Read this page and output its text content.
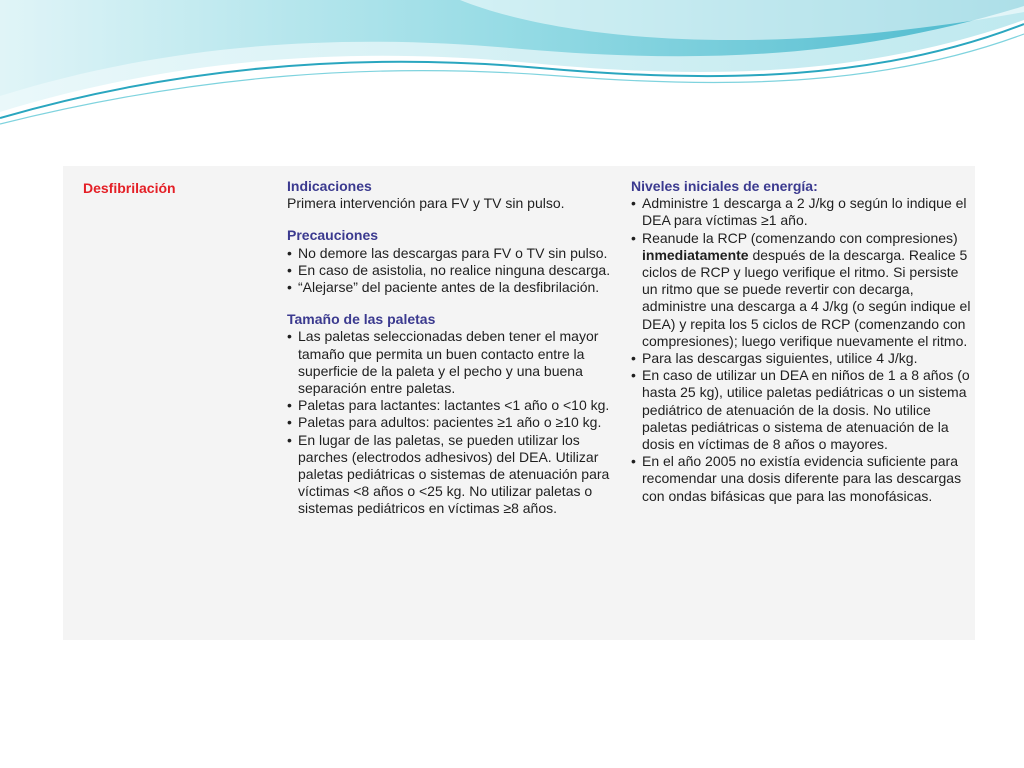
Desfibrilación	Indicaciones

Primera intervención para FV y TV sin pulso.

Precauciones

• No demore las descargas para FV o TV sin pulso.
• En caso de asistolia, no realice ninguna descarga.
• “Alejarse” del paciente antes de la desfibrilación.

Tamaño de las paletas

• Las paletas seleccionadas deben tener el mayor tamaño que permita un buen contacto entre la superficie de la paleta y el pecho y una buena separación entre paletas.
• Paletas para lactantes: lactantes <1 año o <10 kg.
• Paletas para adultos: pacientes ≥1 año o ≥10 kg.
• En lugar de las paletas, se pueden utilizar los parches (electrodos adhesivos) del DEA. Utilizar paletas pediátricas o sistemas de atenuación para víctimas <8 años o <25 kg. No utilizar paletas o sistemas pediátricos en víctimas ≥8 años.

Niveles iniciales de energía:

• Administre 1 descarga a 2 J/kg o según lo indique el DEA para víctimas ≥1 año.
• Reanude la RCP (comenzando con compresiones) inmediatamente después de la descarga. Realice 5 ciclos de RCP y luego verifique el ritmo. Si persiste un ritmo que se puede revertir con decarga, administre una descarga a 4 J/kg (o según indique el DEA) y repita los 5 ciclos de RCP (comenzando con compresiones); luego verifique nuevamente el ritmo.
• Para las descargas siguientes, utilice 4 J/kg.
• En caso de utilizar un DEA en niños de 1 a 8 años (o hasta 25 kg), utilice paletas pediátricas o un sistema pediátrico de atenuación de la dosis. No utilice paletas pediátricas o sistema de atenuación de la dosis en víctimas de 8 años o mayores.
• En el año 2005 no existía evidencia suficiente para recomendar una dosis diferente para las descargas con ondas bifásicas que para las monofásicas.
